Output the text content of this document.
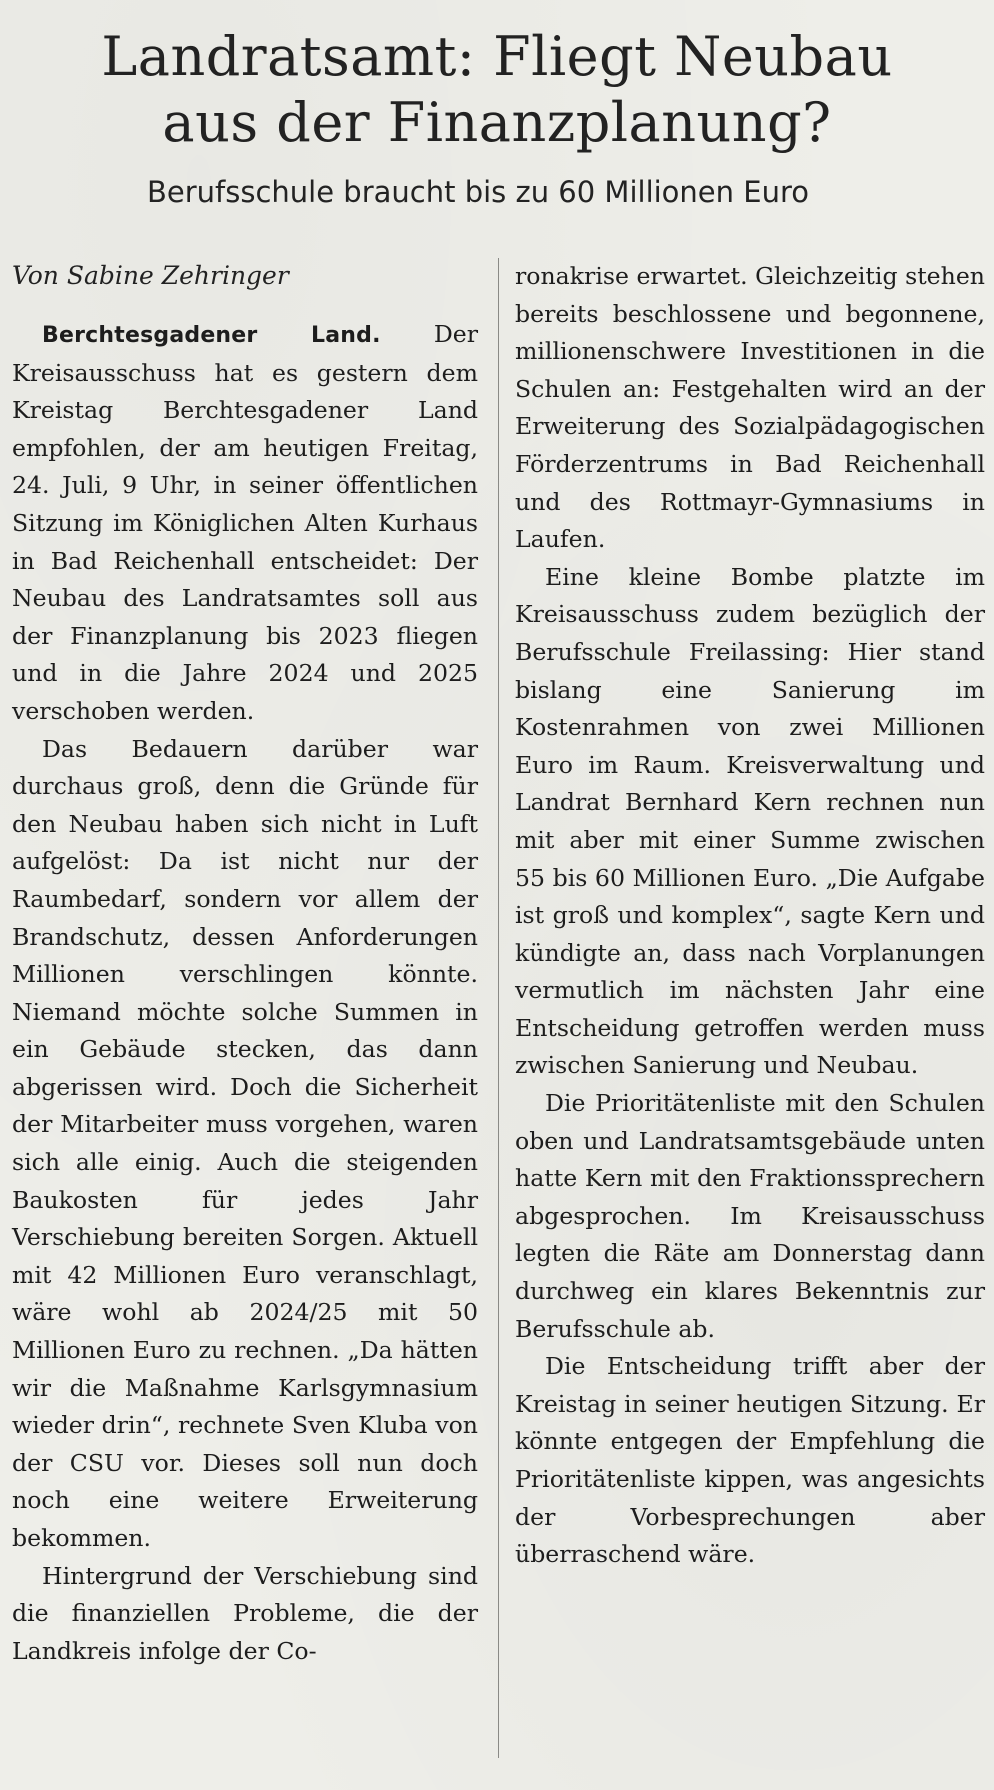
Landratsamt: Fliegt Neubau
aus der Finanzplanung?
Berufsschule braucht bis zu 60 Millionen Euro
Von Sabine Zehringer

Berchtesgadener Land. Der Kreisausschuss hat es gestern dem Kreistag Berchtesgadener Land empfohlen, der am heutigen Freitag, 24. Juli, 9 Uhr, in seiner öffentlichen Sitzung im Königlichen Alten Kurhaus in Bad Reichenhall entscheidet: Der Neubau des Landratsamtes soll aus der Finanzplanung bis 2023 fliegen und in die Jahre 2024 und 2025 verschoben werden.

Das Bedauern darüber war durchaus groß, denn die Gründe für den Neubau haben sich nicht in Luft aufgelöst: Da ist nicht nur der Raumbedarf, sondern vor allem der Brandschutz, dessen Anforderungen Millionen verschlingen könnte. Niemand möchte solche Summen in ein Gebäude stecken, das dann abgerissen wird. Doch die Sicherheit der Mitarbeiter muss vorgehen, waren sich alle einig. Auch die steigenden Baukosten für jedes Jahr Verschiebung bereiten Sorgen. Aktuell mit 42 Millionen Euro veranschlagt, wäre wohl ab 2024/25 mit 50 Millionen Euro zu rechnen. „Da hätten wir die Maßnahme Karlsgymnasium wieder drin“, rechnete Sven Kluba von der CSU vor. Dieses soll nun doch noch eine weitere Erweiterung bekommen.

Hintergrund der Verschiebung sind die finanziellen Probleme, die der Landkreis infolge der Co-

ronakrise erwartet. Gleichzeitig stehen bereits beschlossene und begonnene, millionenschwere Investitionen in die Schulen an: Festgehalten wird an der Erweiterung des Sozialpädagogischen Förderzentrums in Bad Reichenhall und des Rottmayr-Gymnasiums in Laufen.

Eine kleine Bombe platzte im Kreisausschuss zudem bezüglich der Berufsschule Freilassing: Hier stand bislang eine Sanierung im Kostenrahmen von zwei Millionen Euro im Raum. Kreisverwaltung und Landrat Bernhard Kern rechnen nun mit aber mit einer Summe zwischen 55 bis 60 Millionen Euro. „Die Aufgabe ist groß und komplex“, sagte Kern und kündigte an, dass nach Vorplanungen vermutlich im nächsten Jahr eine Entscheidung getroffen werden muss zwischen Sanierung und Neubau.

Die Prioritätenliste mit den Schulen oben und Landratsamtsgebäude unten hatte Kern mit den Fraktionssprechern abgesprochen. Im Kreisausschuss legten die Räte am Donnerstag dann durchweg ein klares Bekenntnis zur Berufsschule ab.

Die Entscheidung trifft aber der Kreistag in seiner heutigen Sitzung. Er könnte entgegen der Empfehlung die Prioritätenliste kippen, was angesichts der Vorbesprechungen aber überraschend wäre.
